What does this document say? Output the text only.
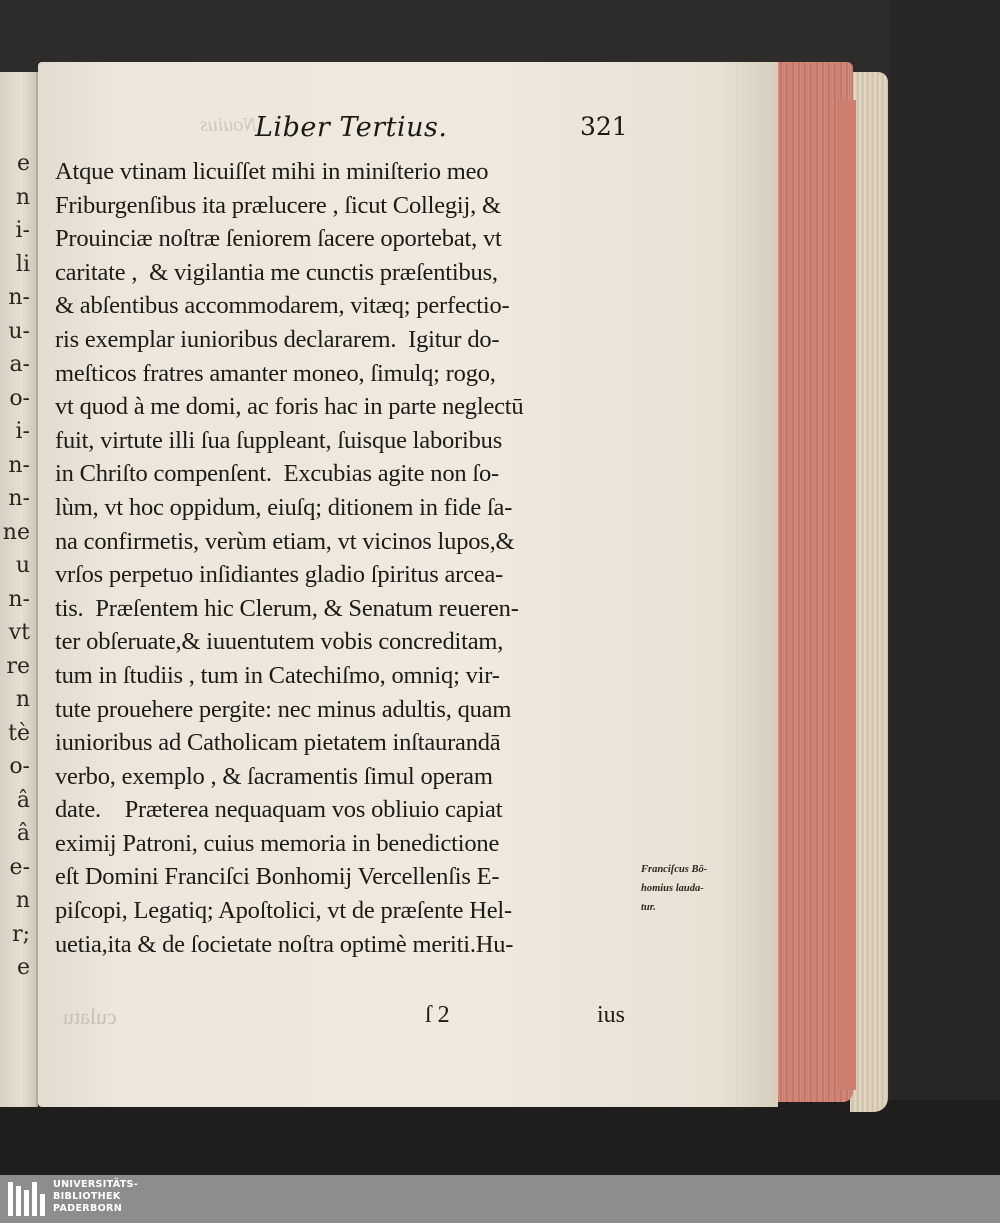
e
n
i-
li
n-
u-
a-
o-
i-
n-
n-
ne
u
n-
vt
re
n
tè
o-
â
â
e-
n
r;
e
Nouius
Liber Tertius.	321
Atque vtinam licuiſſet mihi in miniſterio meo
Friburgenſibus ita prælucere , ſicut Collegij, &
Prouinciæ noſtræ ſeniorem ſacere oportebat, vt
caritate ,  & vigilantia me cunctis præſentibus,
& abſentibus accommodarem, vitæq; perfectio-
ris exemplar iunioribus declararem.  Igitur do-
meſticos fratres amanter moneo, ſimulq; rogo,
vt quod à me domi, ac foris hac in parte neglectū
fuit, virtute illi ſua ſuppleant, ſuisque laboribus
in Chriſto compenſent.  Excubias agite non ſo-
lùm, vt hoc oppidum, eiuſq; ditionem in fide ſa-
na confirmetis, verùm etiam, vt vicinos lupos,&
vrſos perpetuo inſidiantes gladio ſpiritus arcea-
tis.  Præſentem hic Clerum, & Senatum reueren-
ter obſeruate,& iuuentutem vobis concreditam,
tum in ſtudiis , tum in Catechiſmo, omniq; vir-
tute prouehere pergite: nec minus adultis, quam
iunioribus ad Catholicam pietatem inſtaurandā
verbo, exemplo , & ſacramentis ſimul operam
date.    Præterea nequaquam vos obliuio capiat
eximij Patroni, cuius memoria in benedictione
eſt Domini Franciſci Bonhomij Vercellenſis E-
piſcopi, Legatiq; Apoſtolici, vt de præſente Hel-
uetia,ita & de ſocietate noſtra optimè meriti.Hu-
Franciſcus Bō-
homius lauda-
tur.
culatu	ſ 2	ius
UNIVERSITÄTS-
BIBLIOTHEK
PADERBORN
